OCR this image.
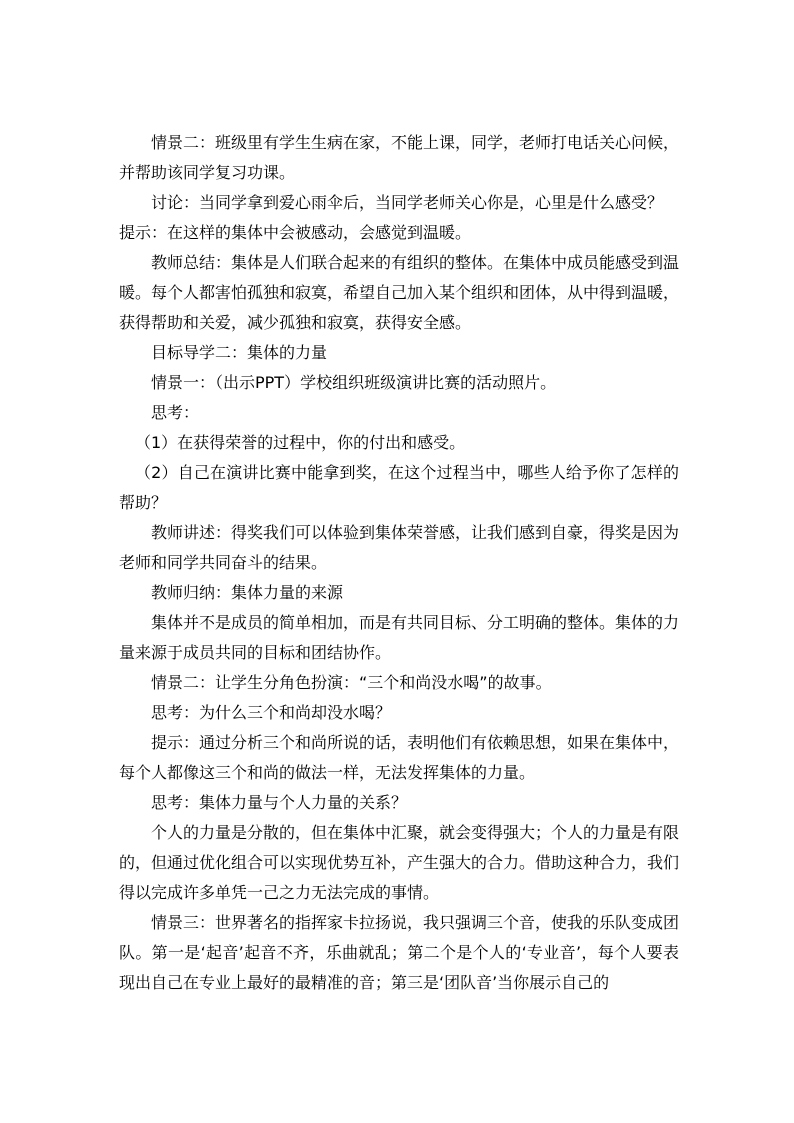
情景二：班级里有学生生病在家，不能上课，同学，老师打电话关心问候，并帮助该同学复习功课。

讨论：当同学拿到爱心雨伞后，当同学老师关心你是，心里是什么感受？

提示：在这样的集体中会被感动，会感觉到温暖。

教师总结：集体是人们联合起来的有组织的整体。在集体中成员能感受到温暖。每个人都害怕孤独和寂寞，希望自己加入某个组织和团体，从中得到温暖，获得帮助和关爱，减少孤独和寂寞，获得安全感。

目标导学二：集体的力量

情景一：（出示PPT）学校组织班级演讲比赛的活动照片。

思考：

（1）在获得荣誉的过程中，你的付出和感受。

（2）自己在演讲比赛中能拿到奖，在这个过程当中，哪些人给予你了怎样的帮助？

教师讲述：得奖我们可以体验到集体荣誉感，让我们感到自豪，得奖是因为老师和同学共同奋斗的结果。

教师归纳：集体力量的来源

集体并不是成员的简单相加，而是有共同目标、分工明确的整体。集体的力量来源于成员共同的目标和团结协作。

情景二：让学生分角色扮演：“三个和尚没水喝”的故事。

思考：为什么三个和尚却没水喝？

提示：通过分析三个和尚所说的话，表明他们有依赖思想，如果在集体中，每个人都像这三个和尚的做法一样，无法发挥集体的力量。

思考：集体力量与个人力量的关系？

个人的力量是分散的，但在集体中汇聚，就会变得强大；个人的力量是有限的，但通过优化组合可以实现优势互补，产生强大的合力。借助这种合力，我们得以完成许多单凭一己之力无法完成的事情。

情景三：世界著名的指挥家卡拉扬说，我只强调三个音，使我的乐队变成团队。第一是‘起音’起音不齐，乐曲就乱；第二个是个人的‘专业音’，每个人要表现出自己在专业上最好的最精准的音；第三是‘团队音’当你展示自己的
